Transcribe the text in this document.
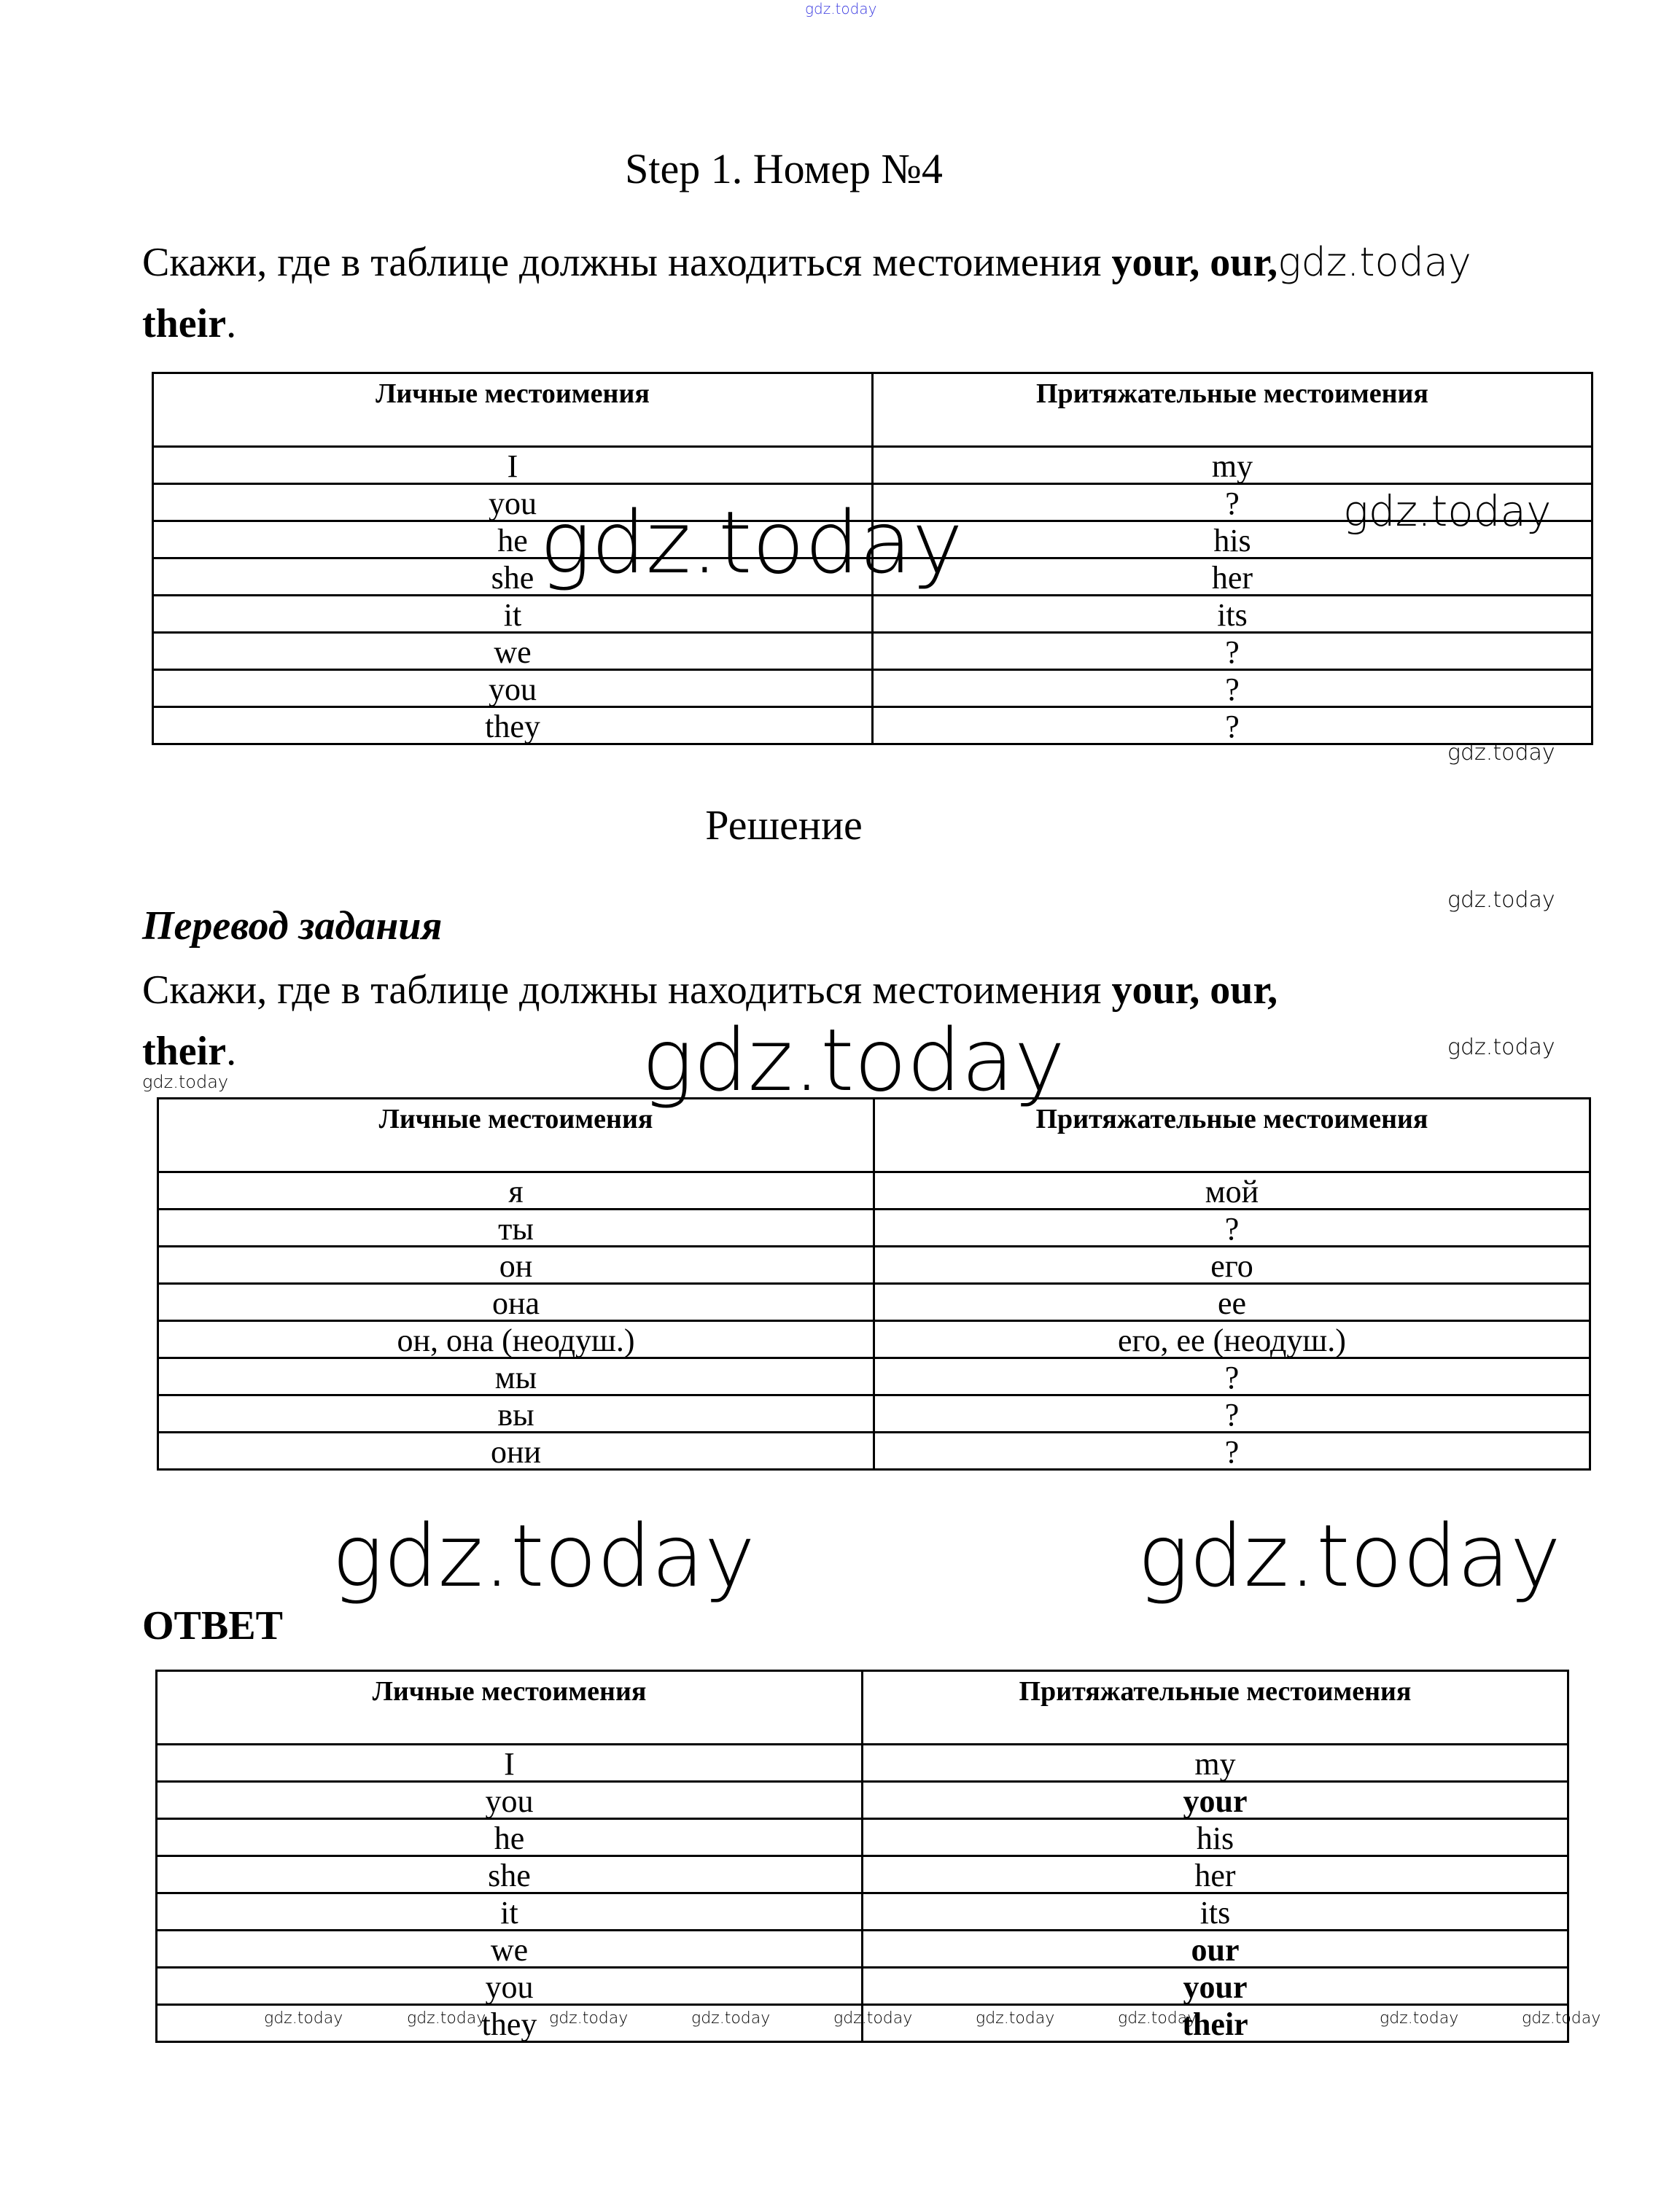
gdz.today
Step 1. Номер №4
Скажи, где в таблице должны находиться местоимения your, our,gdz.today
their.
Личные местоимения	Притяжательные местоимения
I	my
you	?
he	his
she	her
it	its
we	?
you	?
they	?
gdz.today	gdz.today
gdz.today
Решение
gdz.today
Перевод задания
Скажи, где в таблице должны находиться местоимения your, our,
their.	gdz.today	gdz.today
gdz.today
Личные местоимения	Притяжательные местоимения
я	мой
ты	?
он	его
она	ее
он, она (неодуш.)	его, ее (неодуш.)
мы	?
вы	?
они	?
gdz.today	gdz.today
ОТВЕТ
Личные местоимения	Притяжательные местоимения
I	my
you	your
he	his
she	her
it	its
we	our
you	your
they	their
gdz.today	gdz.today	gdz.today	gdz.today	gdz.today	gdz.today	gdz.today	gdz.today	gdz.today
